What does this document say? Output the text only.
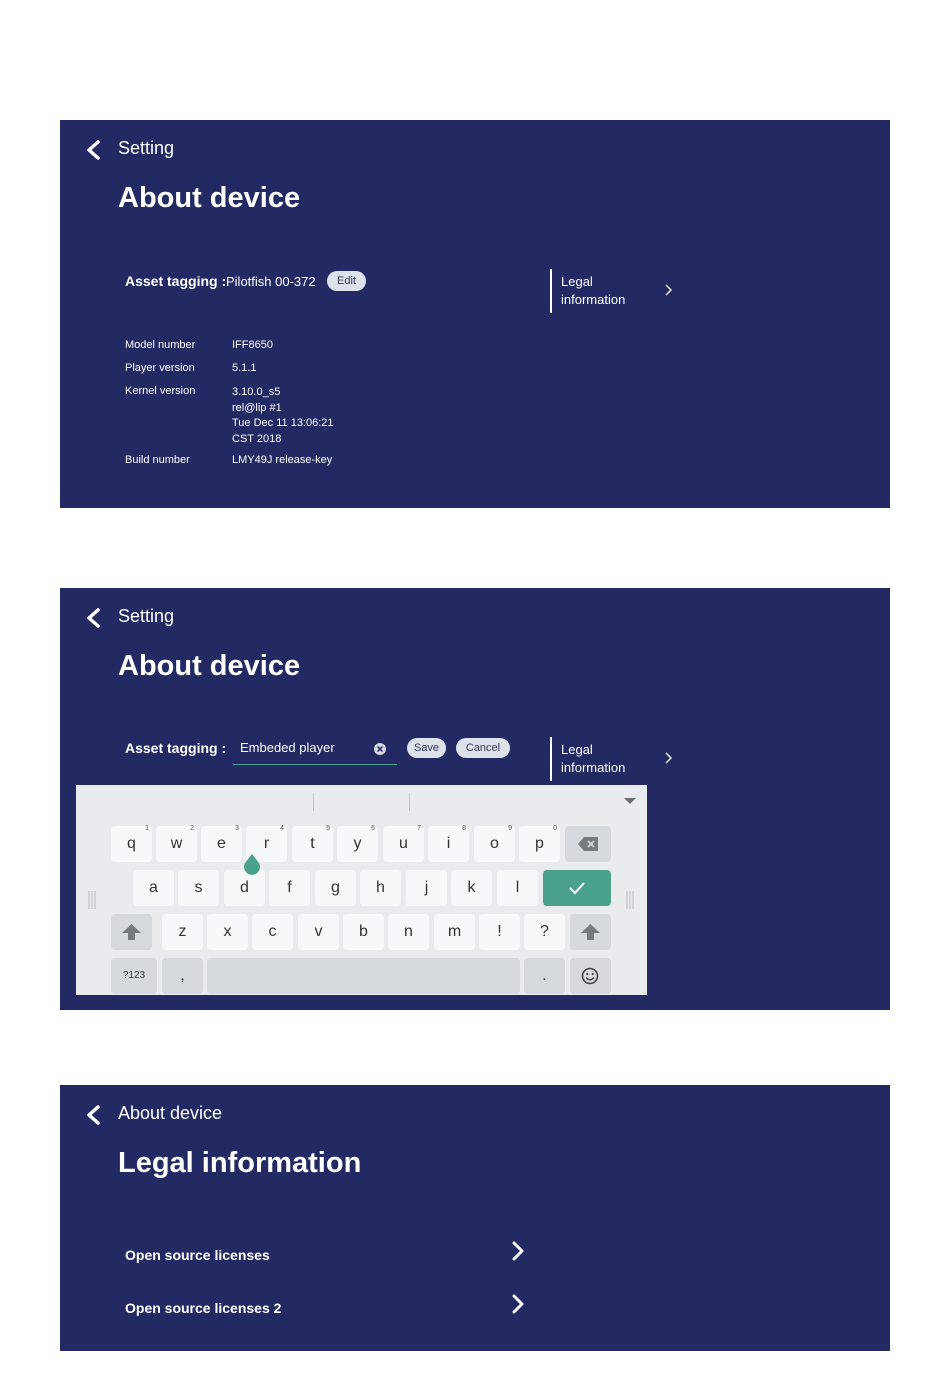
Setting
About device
Asset tagging : Pilotfish 00-372	Edit	Legal
information
Model number	IFF8650
Player version	5.1.1
Kernel version	3.10.0_s5
rel@lip #1
Tue Dec 11 13:06:21
CST 2018
Build number	LMY49J release-key
Setting
About device
Asset tagging : Embeded player	Save	Cancel	Legal
information
q
1
w
2
e
3
r
4
t
5
y
6
u
7
i
8
o
9
p
0
a	s	d	f	g	h	j	k	l
z	x	c	v	b	n	m	!	?
?123	,	.
About device
Legal information
Open source licenses
Open source licenses 2
